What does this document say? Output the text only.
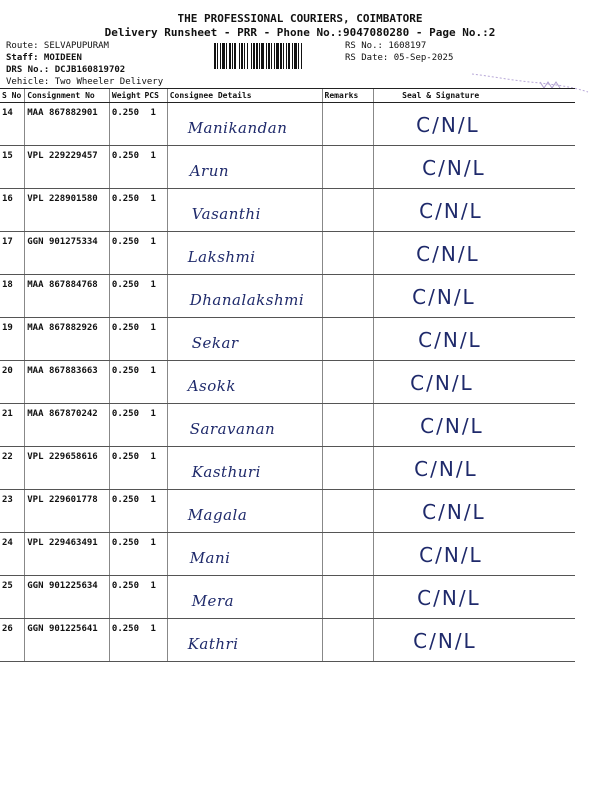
THE PROFESSIONAL COURIERS, COIMBATORE
Delivery Runsheet - PRR - Phone No.:9047080280 - Page No.:2
Route: SELVAPUPURAM
Staff: MOIDEEN
DRS No.: DCJB160819702
Vehicle: Two Wheeler Delivery
RS No.: 1608197
RS Date: 05-Sep-2025
S No	Consignment No	Weight	PCS	Consignee Details	Remarks	Seal & Signature
14	MAA 867882901	0.250	1	Manikandan		C/N/L

15	VPL 229229457	0.250	1	Arun		C/N/L

16	VPL 228901580	0.250	1	Vasanthi		C/N/L

17	GGN 901275334	0.250	1	Lakshmi		C/N/L

18	MAA 867884768	0.250	1	Dhanalakshmi		C/N/L

19	MAA 867882926	0.250	1	Sekar		C/N/L

20	MAA 867883663	0.250	1	Asokk		C/N/L

21	MAA 867870242	0.250	1	Saravanan		C/N/L

22	VPL 229658616	0.250	1	Kasthuri		C/N/L

23	VPL 229601778	0.250	1	Magala		C/N/L

24	VPL 229463491	0.250	1	Mani		C/N/L

25	GGN 901225634	0.250	1	Mera		C/N/L

26	GGN 901225641	0.250	1	Kathri		C/N/L
